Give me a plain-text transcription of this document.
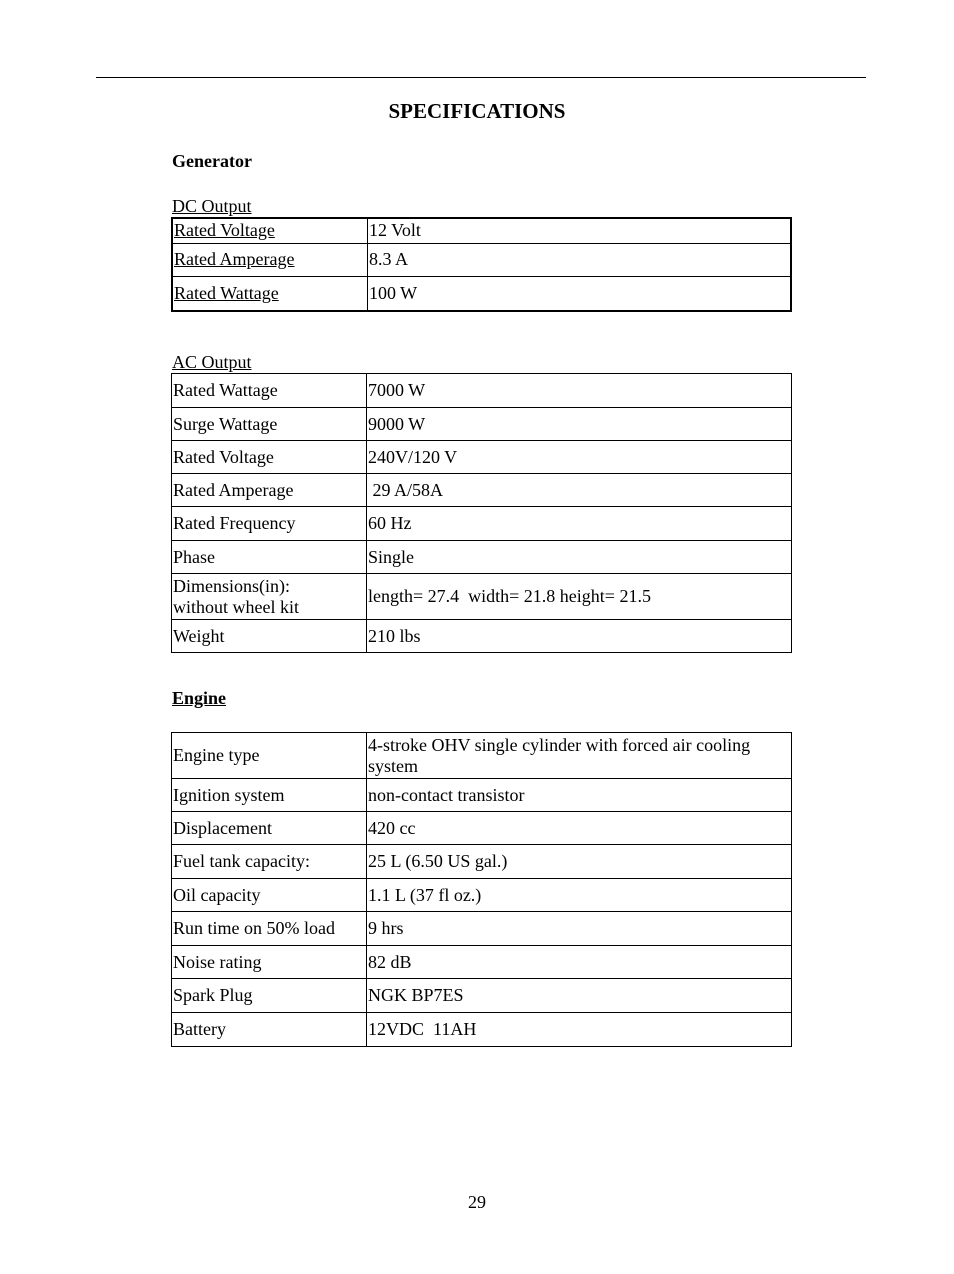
SPECIFICATIONS
Generator
DC Output
Rated Voltage	12 Volt
Rated Amperage	8.3 A
Rated Wattage	100 W
AC Output
Rated Wattage	7000 W
Surge Wattage	9000 W
Rated Voltage	240V/120 V
Rated Amperage	29 A/58A
Rated Frequency	60 Hz
Phase	Single

Dimensions(in):
without wheel kit	length= 27.4  width= 21.8 height= 21.5
Weight	210 lbs
Engine
Engine type	4-stroke OHV single cylinder with forced air cooling system
Ignition system	non-contact transistor
Displacement	420 cc
Fuel tank capacity:	25 L (6.50 US gal.)
Oil capacity	1.1 L (37 fl oz.)
Run time on 50% load	9 hrs
Noise rating	82 dB
Spark Plug	NGK BP7ES
Battery	12VDC  11AH
29
